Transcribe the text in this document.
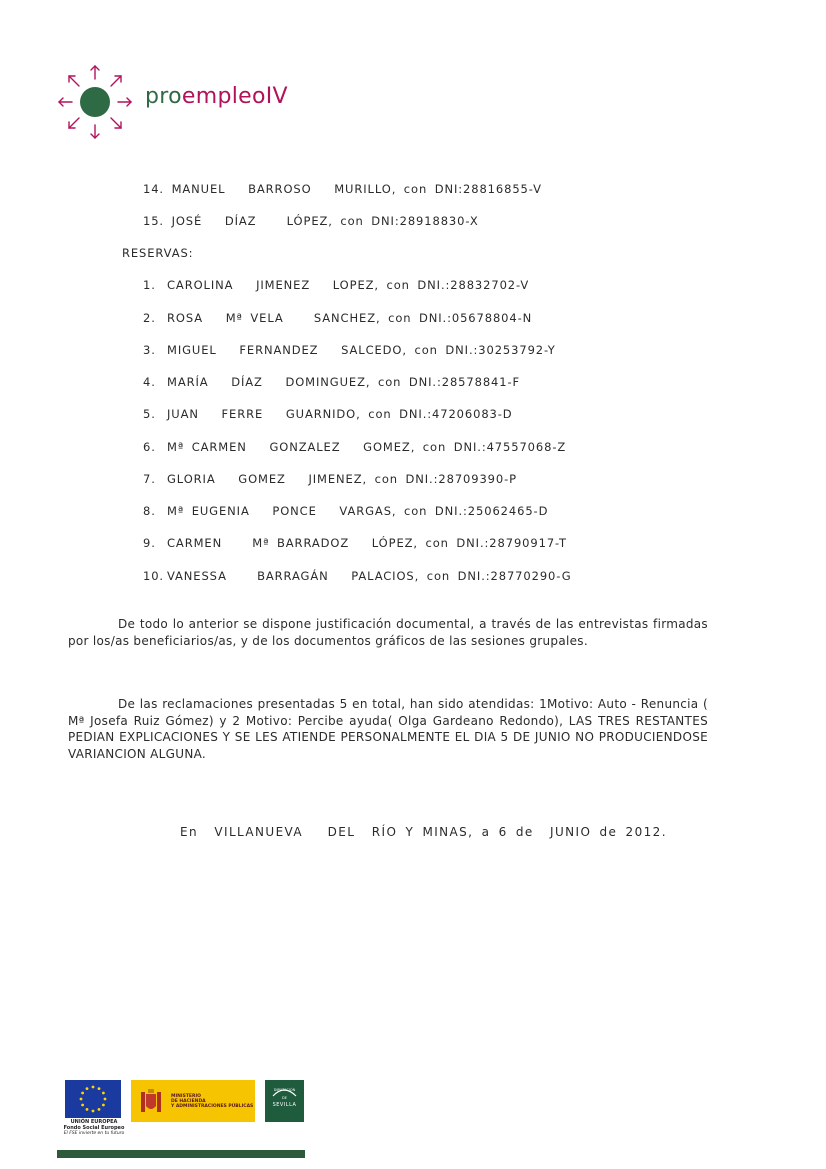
proempleoIV
14. MANUEL   BARROSO   MURILLO, con DNI:28816855-V
15. JOSÉ   DÍAZ    LÓPEZ, con DNI:28918830-X
RESERVAS:
1. CAROLINA   JIMENEZ   LOPEZ, con DNI.:28832702-V
2. ROSA   Mª VELA    SANCHEZ, con DNI.:05678804-N
3. MIGUEL   FERNANDEZ   SALCEDO, con DNI.:30253792-Y
4. MARÍA   DÍAZ   DOMINGUEZ, con DNI.:28578841-F
5. JUAN   FERRE   GUARNIDO, con DNI.:47206083-D
6. Mª CARMEN   GONZALEZ   GOMEZ, con DNI.:47557068-Z
7. GLORIA   GOMEZ   JIMENEZ, con DNI.:28709390-P
8. Mª EUGENIA   PONCE   VARGAS, con DNI.:25062465-D
9. CARMEN    Mª BARRADOZ   LÓPEZ, con DNI.:28790917-T
10. VANESSA    BARRAGÁN   PALACIOS, con DNI.:28770290-G
De todo lo anterior se dispone justificación documental, a través de las entrevistas firmadas por los/as beneficiarios/as, y de los documentos gráficos de las sesiones grupales.
De las reclamaciones presentadas 5 en total, han sido atendidas: 1Motivo: Auto - Renuncia ( Mª Josefa Ruiz Gómez) y 2 Motivo: Percibe ayuda( Olga Gardeano Redondo), LAS TRES RESTANTES PEDIAN EXPLICACIONES Y SE LES ATIENDE PERSONALMENTE EL DIA 5 DE JUNIO NO PRODUCIENDOSE VARIANCION ALGUNA.
En  VILLANUEVA   DEL  RÍO Y MINAS, a 6 de  JUNIO de 2012.
UNIÓN EUROPEA
Fondo Social Europeo
El FSE invierte en tu futuro
MINISTERIO
DE HACIENDA
Y ADMINISTRACIONES PÚBLICAS
DIPUTACIÓN
DE
SEVILLA
